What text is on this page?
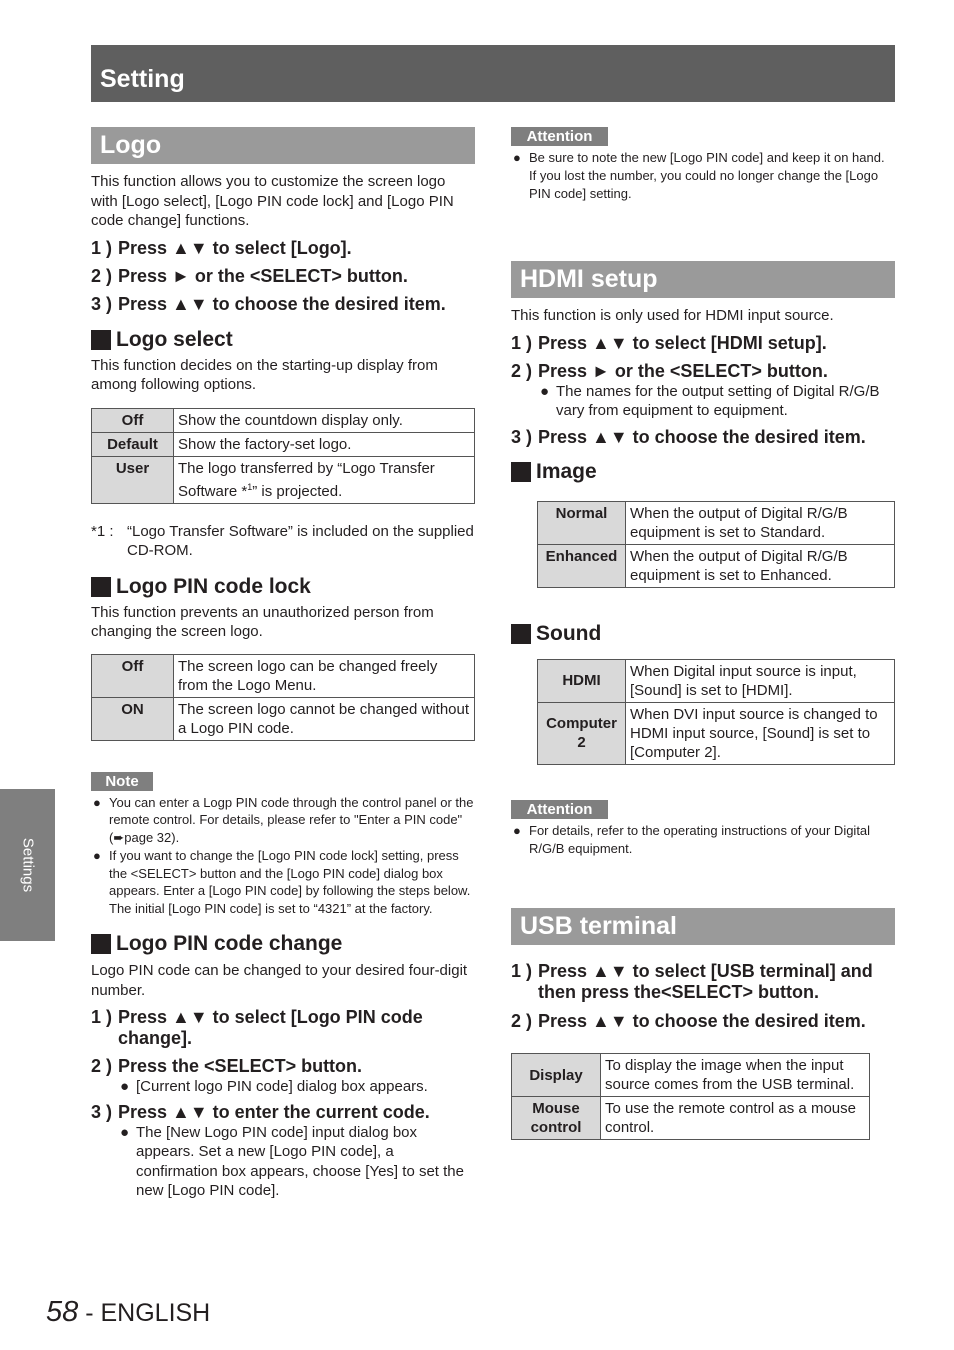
Setting
Settings
Logo

This function allows you to customize the screen logo with [Logo select], [Logo PIN code lock] and [Logo PIN code change] functions.

1 ) Press ▲▼ to select [Logo].
2 ) Press ► or the <SELECT> button.
3 ) Press ▲▼ to choose the desired item.
Logo select

This function decides on the starting-up display from among following options.

Off	Show the countdown display only.
Default	Show the factory-set logo.
User	The logo transferred by “Logo Transfer Software *$^1$” is projected.
*1 : “Logo Transfer Software” is included on the supplied CD-ROM.
Logo PIN code lock

This function prevents an unauthorized person from changing the screen logo.

Off	The screen logo can be changed freely from the Logo Menu.
ON	The screen logo cannot be changed without a Logo PIN code.
Note
● You can enter a Logp PIN code through the control panel or the remote control. For details, please refer to "Enter a PIN code" (➨page 32).
● If you want to change the [Logo PIN code lock] setting, press the <SELECT> button and the [Logo PIN code] dialog box appears. Enter a [Logo PIN code] by following the steps below. The initial [Logo PIN code] is set to “4321” at the factory.
Logo PIN code change

Logo PIN code can be changed to your desired four-digit number.

1 ) Press ▲▼ to select [Logo PIN code change].
2 ) Press the <SELECT> button.
● [Current logo PIN code] dialog box appears.
3 ) Press ▲▼ to enter the current code.
● The [New Logo PIN code] input dialog box appears. Set a new [Logo PIN code], a confirmation box appears, choose [Yes] to set the new [Logo PIN code].
Attention
● Be sure to note the new [Logo PIN code] and keep it on hand. If you lost the number, you could no longer change the [Logo PIN code] setting.
HDMI setup

This function is only used for HDMI input source.

1 ) Press ▲▼ to select [HDMI setup].
2 ) Press ► or the <SELECT> button.
● The names for the output setting of Digital R/G/B vary from equipment to equipment.
3 ) Press ▲▼ to choose the desired item.
Image
Normal	When the output of Digital R/G/B equipment is set to Standard.
Enhanced	When the output of Digital R/G/B equipment is set to Enhanced.
Sound
HDMI	When Digital input source is input, [Sound] is set to [HDMI].
Computer 2	When DVI input source is changed to HDMI input source, [Sound] is set to [Computer 2].
Attention
● For details, refer to the operating instructions of your Digital R/G/B equipment.
USB terminal
1 ) Press ▲▼ to select [USB terminal] and then press the<SELECT> button.
2 ) Press ▲▼ to choose the desired item.
Display	To display the image when the input source comes from the USB terminal.
Mouse control	To use the remote control as a mouse control.
58 - ENGLISH
